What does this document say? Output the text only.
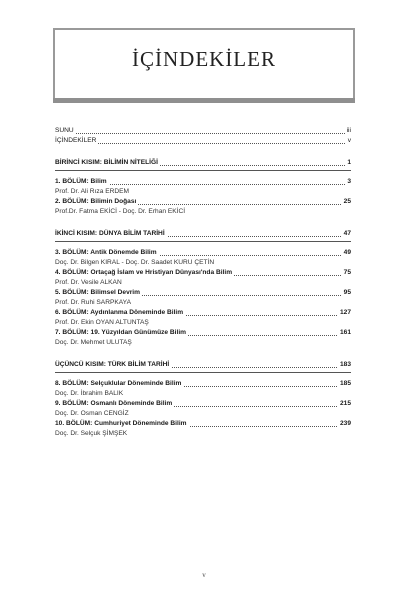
İÇİNDEKİLER
SUNU	iii
İÇİNDEKİLER	v
BİRİNCİ KISIM: BİLİMİN NİTELİĞİ	1
1. BÖLÜM: Bilim	3
Prof. Dr. Ali Rıza ERDEM
2. BÖLÜM: Bilimin Doğası	25
Prof.Dr. Fatma EKİCİ - Doç. Dr. Erhan EKİCİ
İKİNCİ KISIM: DÜNYA BİLİM TARİHİ	47
3. BÖLÜM: Antik Dönemde Bilim	49
Doç. Dr. Bilgen KIRAL - Doç. Dr. Saadet KURU ÇETİN
4. BÖLÜM: Ortaçağ İslam ve Hristiyan Dünyası'nda Bilim	75
Prof. Dr. Vesile ALKAN
5. BÖLÜM: Bilimsel Devrim	95
Prof. Dr. Ruhi SARPKAYA
6. BÖLÜM: Aydınlanma Döneminde Bilim	127
Prof. Dr. Ekin OYAN ALTUNTAŞ
7. BÖLÜM: 19. Yüzyıldan Günümüze Bilim	161
Doç. Dr. Mehmet ULUTAŞ
ÜÇÜNCÜ KISIM: TÜRK BİLİM TARİHİ	183
8. BÖLÜM: Selçuklular Döneminde Bilim	185
Doç. Dr. İbrahim BALIK
9. BÖLÜM: Osmanlı Döneminde Bilim	215
Doç. Dr. Osman CENGİZ
10. BÖLÜM: Cumhuriyet Döneminde Bilim	239
Doç. Dr. Selçuk ŞİMŞEK
v
